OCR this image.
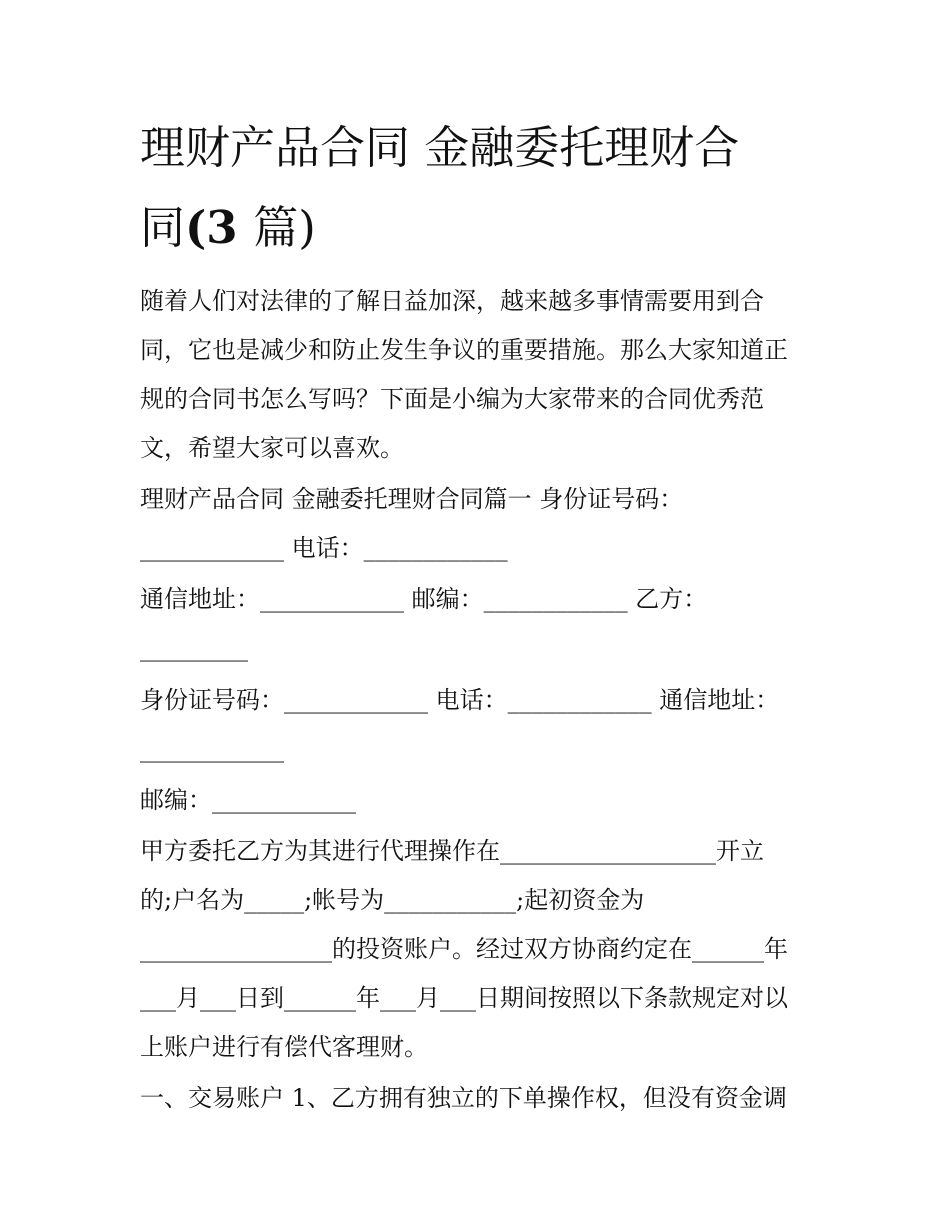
理财产品合同 金融委托理财合
同(3 篇)
随着人们对法律的了解日益加深，越来越多事情需要用到合
同，它也是减少和防止发生争议的重要措施。那么大家知道正
规的合同书怎么写吗？下面是小编为大家带来的合同优秀范
文，希望大家可以喜欢。
理财产品合同 金融委托理财合同篇一 身份证号码：
____________ 电话：____________
通信地址：____________ 邮编：____________ 乙方：
_________
身份证号码：____________ 电话：____________ 通信地址：
____________
邮编：____________
甲方委托乙方为其进行代理操作在__________________开立
的;户名为_____;帐号为___________;起初资金为
________________的投资账户。经过双方协商约定在______年
___月___日到______年___月___日期间按照以下条款规定对以
上账户进行有偿代客理财。
一、交易账户 1、乙方拥有独立的下单操作权，但没有资金调
